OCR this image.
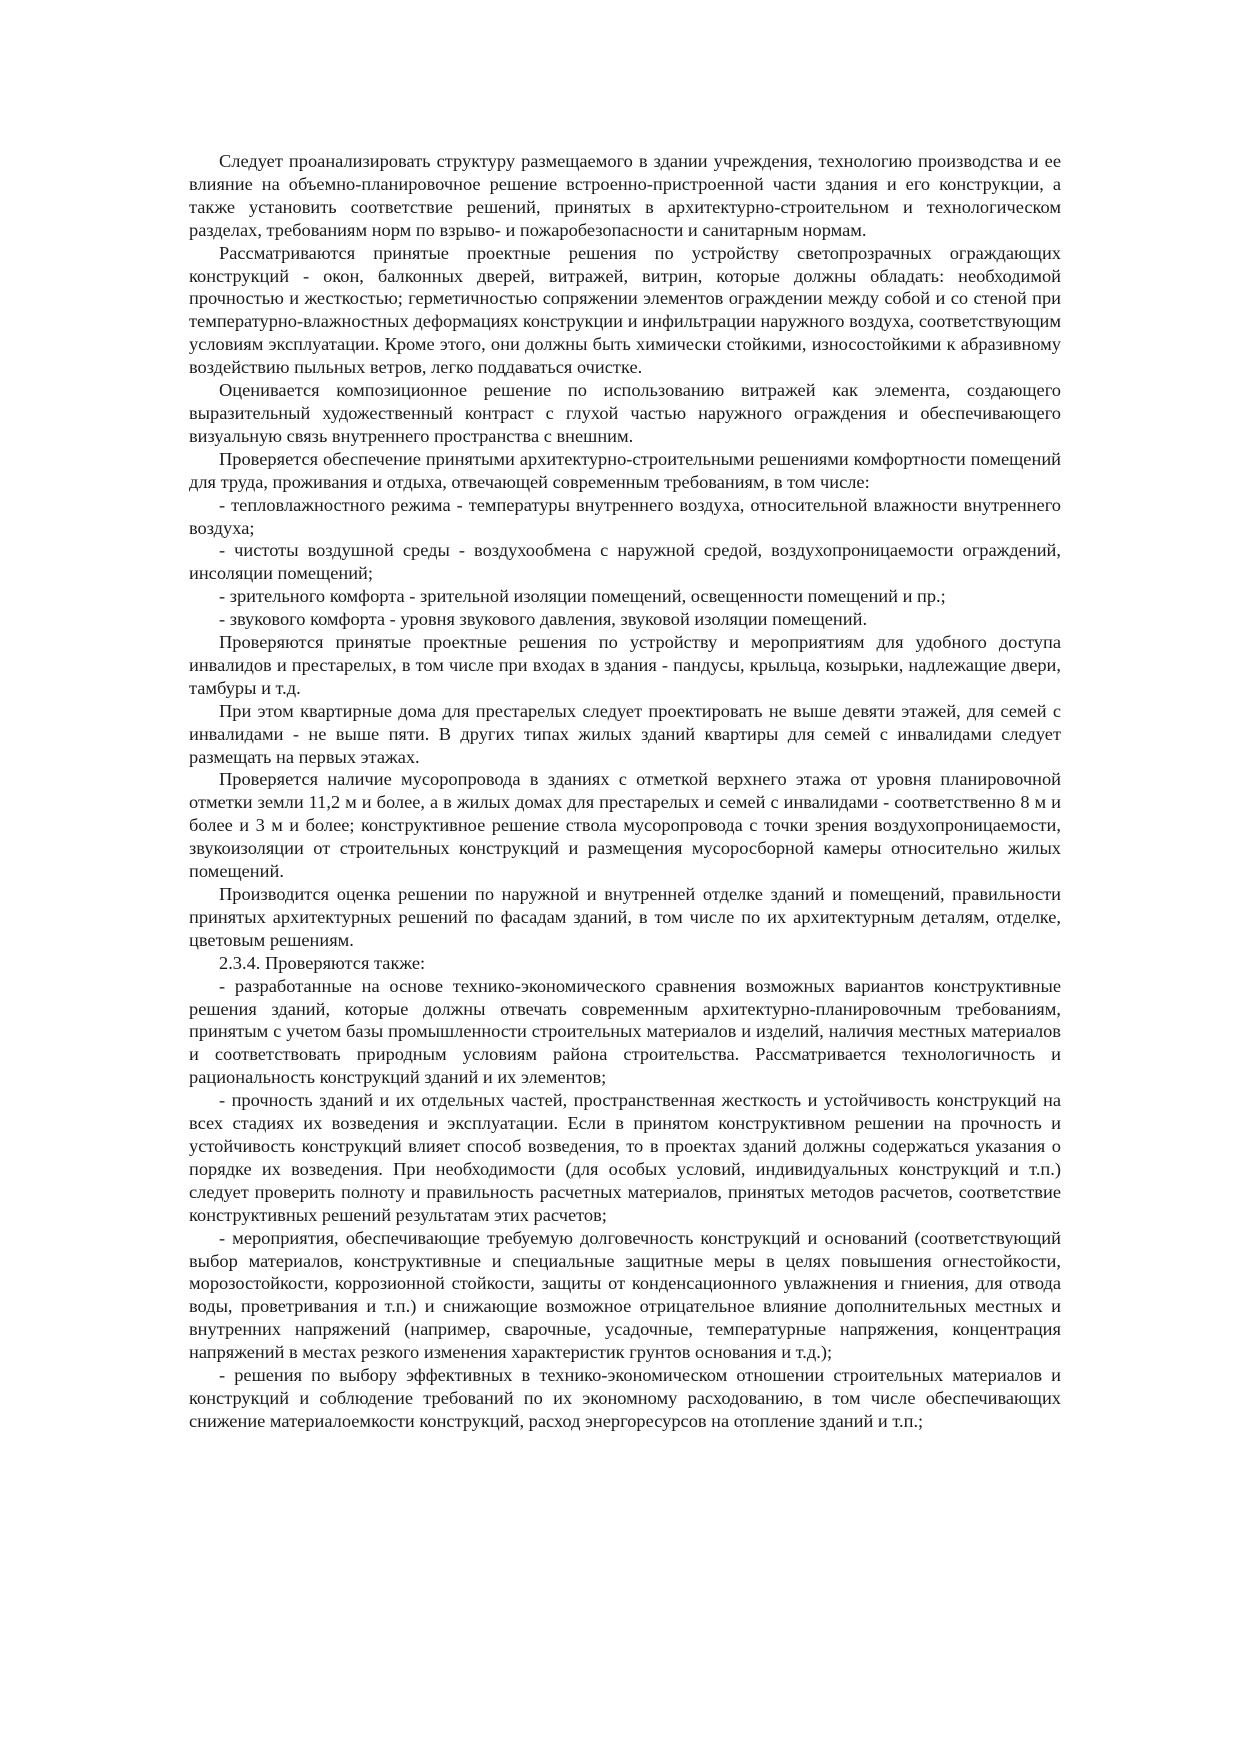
Следует проанализировать структуру размещаемого в здании учреждения, технологию производства и ее влияние на объемно-планировочное решение встроенно-пристроенной части здания и его конструкции, а также установить соответствие решений, принятых в архитектурно-строительном и технологическом разделах, требованиям норм по взрыво- и пожаробезопасности и санитарным нормам.

Рассматриваются принятые проектные решения по устройству светопрозрачных ограждающих конструкций - окон, балконных дверей, витражей, витрин, которые должны обладать: необходимой прочностью и жесткостью; герметичностью сопряжении элементов ограждении между собой и со стеной при температурно-влажностных деформациях конструкции и инфильтрации наружного воздуха, соответствующим условиям эксплуатации. Кроме этого, они должны быть химически стойкими, износостойкими к абразивному воздействию пыльных ветров, легко поддаваться очистке.

Оценивается композиционное решение по использованию витражей как элемента, создающего выразительный художественный контраст с глухой частью наружного ограждения и обеспечивающего визуальную связь внутреннего пространства с внешним.

Проверяется обеспечение принятыми архитектурно-строительными решениями комфортности помещений для труда, проживания и отдыха, отвечающей современным требованиям, в том числе:

- тепловлажностного режима - температуры внутреннего воздуха, относительной влажности внутреннего воздуха;

- чистоты воздушной среды - воздухообмена с наружной средой, воздухопроницаемости ограждений, инсоляции помещений;

- зрительного комфорта - зрительной изоляции помещений, освещенности помещений и пр.;

- звукового комфорта - уровня звукового давления, звуковой изоляции помещений.

Проверяются принятые проектные решения по устройству и мероприятиям для удобного доступа инвалидов и престарелых, в том числе при входах в здания - пандусы, крыльца, козырьки, надлежащие двери, тамбуры и т.д.

При этом квартирные дома для престарелых следует проектировать не выше девяти этажей, для семей с инвалидами - не выше пяти. В других типах жилых зданий квартиры для семей с инвалидами следует размещать на первых этажах.

Проверяется наличие мусоропровода в зданиях с отметкой верхнего этажа от уровня планировочной отметки земли 11,2 м и более, а в жилых домах для престарелых и семей с инвалидами - соответственно 8 м и более и 3 м и более; конструктивное решение ствола мусоропровода с точки зрения воздухопроницаемости, звукоизоляции от строительных конструкций и размещения мусоросборной камеры относительно жилых помещений.

Производится оценка решении по наружной и внутренней отделке зданий и помещений, правильности принятых архитектурных решений по фасадам зданий, в том числе по их архитектурным деталям, отделке, цветовым решениям.

2.3.4. Проверяются также:

- разработанные на основе технико-экономического сравнения возможных вариантов конструктивные решения зданий, которые должны отвечать современным архитектурно-планировочным требованиям, принятым с учетом базы промышленности строительных материалов и изделий, наличия местных материалов и соответствовать природным условиям района строительства. Рассматривается технологичность и рациональность конструкций зданий и их элементов;

- прочность зданий и их отдельных частей, пространственная жесткость и устойчивость конструкций на всех стадиях их возведения и эксплуатации. Если в принятом конструктивном решении на прочность и устойчивость конструкций влияет способ возведения, то в проектах зданий должны содержаться указания о порядке их возведения. При необходимости (для особых условий, индивидуальных конструкций и т.п.) следует проверить полноту и правильность расчетных материалов, принятых методов расчетов, соответствие конструктивных решений результатам этих расчетов;

- мероприятия, обеспечивающие требуемую долговечность конструкций и оснований (соответствующий выбор материалов, конструктивные и специальные защитные меры в целях повышения огнестойкости, морозостойкости, коррозионной стойкости, защиты от конденсационного увлажнения и гниения, для отвода воды, проветривания и т.п.) и снижающие возможное отрицательное влияние дополнительных местных и внутренних напряжений (например, сварочные, усадочные, температурные напряжения, концентрация напряжений в местах резкого изменения характеристик грунтов основания и т.д.);

- решения по выбору эффективных в технико-экономическом отношении строительных материалов и конструкций и соблюдение требований по их экономному расходованию, в том числе обеспечивающих снижение материалоемкости конструкций, расход энергоресурсов на отопление зданий и т.п.;
